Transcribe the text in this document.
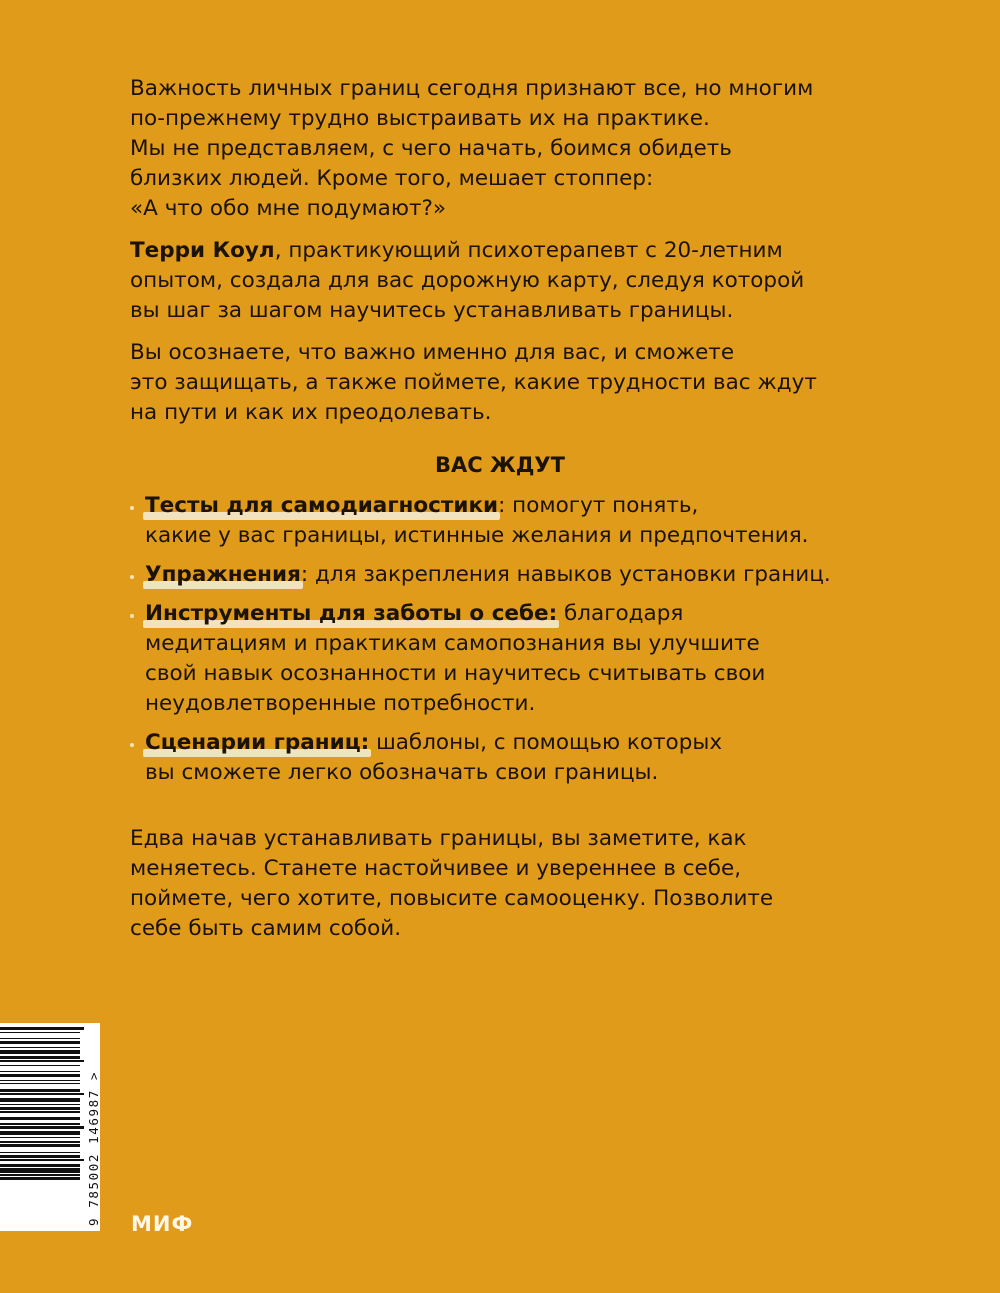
Важность личных границ сегодня признают все, но многим
по-прежнему трудно выстраивать их на практике.
Мы не представляем, с чего начать, боимся обидеть
близких людей. Кроме того, мешает стоппер:
«А что обо мне подумают?»

Терри Коул, практикующий психотерапевт с 20-летним
опытом, создала для вас дорожную карту, следуя которой
вы шаг за шагом научитесь устанавливать границы.

Вы осознаете, что важно именно для вас, и сможете
это защищать, а также поймете, какие трудности вас ждут
на пути и как их преодолевать.

ВАС ЖДУТ
Тесты для самодиагностики: помогут понять,
какие у вас границы, истинные желания и предпочтения.
Упражнения: для закрепления навыков установки границ.
Инструменты для заботы о себе: благодаря
медитациям и практикам самопознания вы улучшите
свой навык осознанности и научитесь считывать свои
неудовлетворенные потребности.
Сценарии границ: шаблоны, с помощью которых
вы сможете легко обозначать свои границы.

Едва начав устанавливать границы, вы заметите, как
меняетесь. Станете настойчивее и увереннее в себе,
поймете, чего хотите, повысите самооценку. Позволите
себе быть самим собой.

9 785002 146987 > МИФ
